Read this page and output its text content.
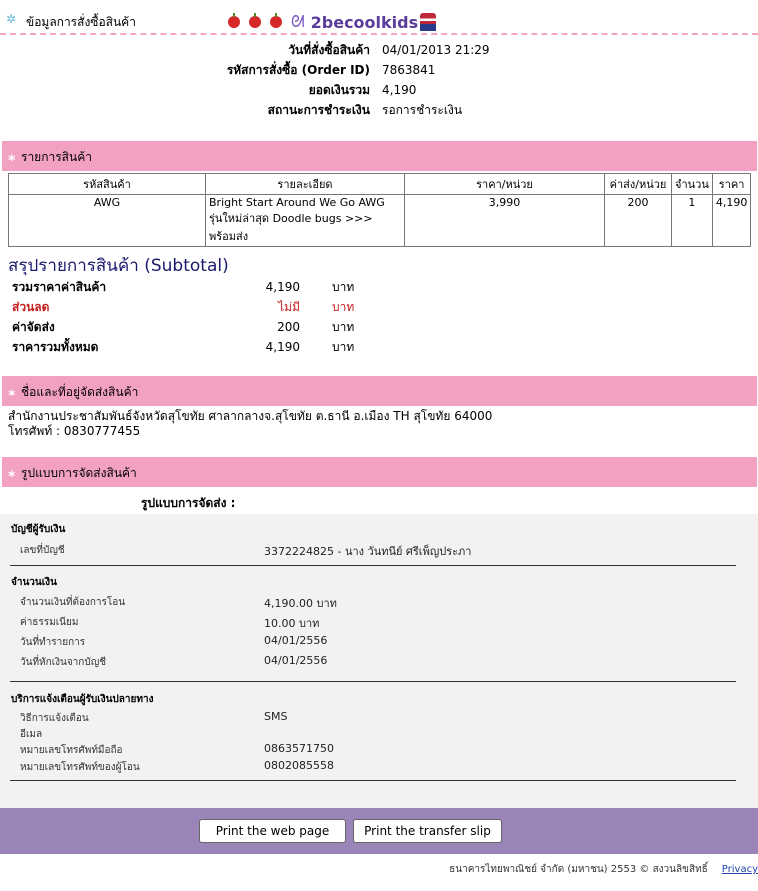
✲ ข้อมูลการสั่งซื้อสินค้า	ᘛ 2becoolkids
วันที่สั่งซื้อสินค้า	04/01/2013 21:29
รหัสการสั่งซื้อ (Order ID)	7863841
ยอดเงินรวม	4,190
สถานะการชำระเงิน	รอการชำระเงิน
* รายการสินค้า
รหัสสินค้า	รายละเอียด	ราคา/หน่วย	ค่าส่ง/หน่วย	จำนวน	ราคา
AWG	Bright Start Around We Go AWG รุ่นใหม่ล่าสุด Doodle bugs >>> พร้อมส่ง	3,990	200	1	4,190
สรุปรายการสินค้า (Subtotal)
รวมราคาค่าสินค้า	4,190	บาท
ส่วนลด	ไม่มี	บาท
ค่าจัดส่ง	200	บาท
ราคารวมทั้งหมด	4,190	บาท
* ชื่อและที่อยู่จัดส่งสินค้า
สำนักงานประชาสัมพันธ์จังหวัดสุโขทัย ศาลากลางจ.สุโขทัย ต.ธานี อ.เมือง TH สุโขทัย 64000
โทรศัพท์ : 0830777455
* รูปแบบการจัดส่งสินค้า
รูปแบบการจัดส่ง :
บัญชีผู้รับเงิน
เลขที่บัญชี	3372224825 - นาง วันทนีย์ ศรีเพ็ญประภา
จำนวนเงิน
จำนวนเงินที่ต้องการโอน	4,190.00 บาท
ค่าธรรมเนียม	10.00 บาท
วันที่ทำรายการ	04/01/2556
วันที่หักเงินจากบัญชี	04/01/2556
บริการแจ้งเตือนผู้รับเงินปลายทาง
วิธีการแจ้งเตือน	SMS
อีเมล
หมายเลขโทรศัพท์มือถือ	0863571750
หมายเลขโทรศัพท์ของผู้โอน	0802085558
Print the web page	Print the transfer slip
ธนาคารไทยพาณิชย์ จำกัด (มหาชน) 2553 © สงวนลิขสิทธิ์ Privacy
